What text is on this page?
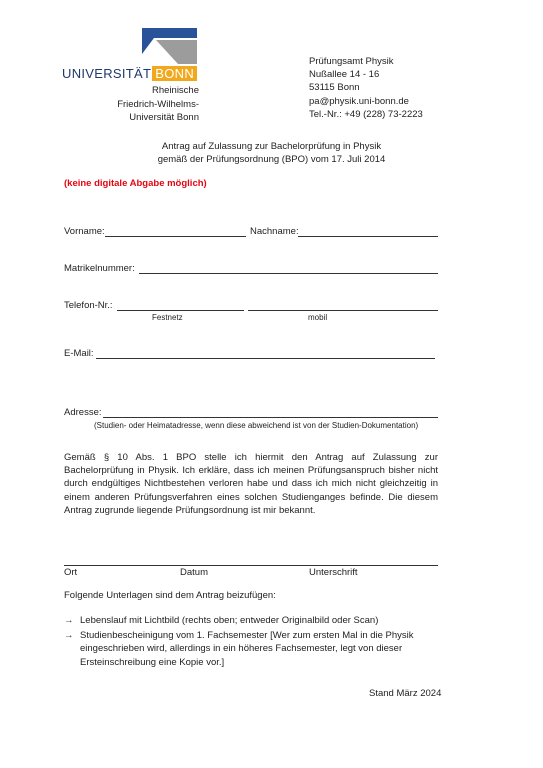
UNIVERSITÄT BONN
Rheinische
Friedrich-Wilhelms-
Universität Bonn
Prüfungsamt Physik
Nußallee 14 - 16
53115 Bonn
pa@physik.uni-bonn.de
Tel.-Nr.: +49 (228) 73-2223
Antrag auf Zulassung zur Bachelorprüfung in Physik
gemäß der Prüfungsordnung (BPO) vom 17. Juli 2014
(keine digitale Abgabe möglich)
Vorname:	Nachname:
Matrikelnummer:
Telefon-Nr.:
Festnetz	mobil
E-Mail:
Adresse:
(Studien- oder Heimatadresse, wenn diese abweichend ist von der Studien-Dokumentation)
Gemäß § 10 Abs. 1 BPO stelle ich hiermit den Antrag auf Zulassung zur Bachelorprüfung in Physik. Ich erkläre, dass ich meinen Prüfungsanspruch bisher nicht durch endgültiges Nichtbestehen verloren habe und dass ich mich nicht gleichzeitig in einem anderen Prüfungsverfahren eines solchen Studienganges befinde. Die diesem Antrag zugrunde liegende Prüfungsordnung ist mir bekannt.
Ort	Datum	Unterschrift
Folgende Unterlagen sind dem Antrag beizufügen:
→ Lebenslauf mit Lichtbild (rechts oben; entweder Originalbild oder Scan)
→ Studienbescheinigung vom 1. Fachsemester [Wer zum ersten Mal in die Physik eingeschrieben wird, allerdings in ein höheres Fachsemester, legt von dieser Ersteinschreibung eine Kopie vor.]
Stand März 2024
